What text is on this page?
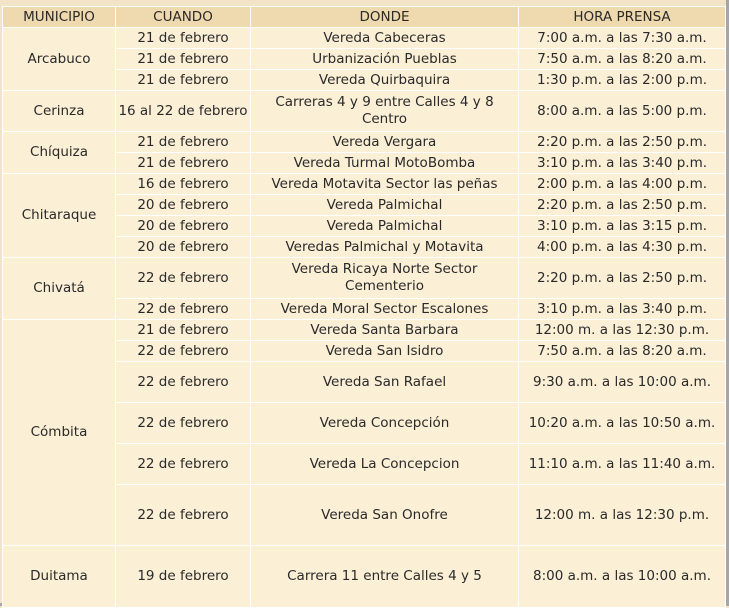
MUNICIPIO	CUANDO	DONDE	HORA PRENSA
Arcabuco	21 de febrero	Vereda Cabeceras	7:00 a.m. a las 7:30 a.m.
	21 de febrero	Urbanización Pueblas	7:50 a.m. a las 8:20 a.m.
	21 de febrero	Vereda Quirbaquira	1:30 p.m. a las 2:00 p.m.
Cerinza	16 al 22 de febrero	Carreras 4 y 9 entre Calles 4 y 8 Centro	8:00 a.m. a las 5:00 p.m.
Chíquiza	21 de febrero	Vereda Vergara	2:20 p.m. a las 2:50 p.m.
	21 de febrero	Vereda Turmal MotoBomba	3:10 p.m. a las 3:40 p.m.
Chitaraque	16 de febrero	Vereda Motavita Sector las peñas	2:00 p.m. a las 4:00 p.m.
	20 de febrero	Vereda Palmichal	2:20 p.m. a las 2:50 p.m.
	20 de febrero	Vereda Palmichal	3:10 p.m. a las 3:15 p.m.
	20 de febrero	Veredas Palmichal y Motavita	4:00 p.m. a las 4:30 p.m.
Chivatá	22 de febrero	Vereda Ricaya Norte Sector Cementerio	2:20 p.m. a las 2:50 p.m.
	22 de febrero	Vereda Moral Sector Escalones	3:10 p.m. a las 3:40 p.m.
Cómbita	21 de febrero	Vereda Santa Barbara	12:00 m. a las 12:30 p.m.
	22 de febrero	Vereda San Isidro	7:50 a.m. a las 8:20 a.m.
	22 de febrero	Vereda San Rafael	9:30 a.m. a las 10:00 a.m.
	22 de febrero	Vereda Concepción	10:20 a.m. a las 10:50 a.m.
	22 de febrero	Vereda La Concepcion	11:10 a.m. a las 11:40 a.m.
	22 de febrero	Vereda San Onofre	12:00 m. a las 12:30 p.m.
Duitama	19 de febrero	Carrera 11 entre Calles 4 y 5	8:00 a.m. a las 10:00 a.m.
